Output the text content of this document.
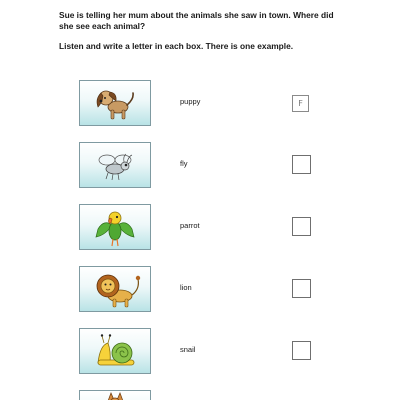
Sue is telling her mum about the animals she saw in town. Where did
she see each animal?
Listen and write a letter in each box. There is one example.
puppy	F
fly
parrot
lion
snail
